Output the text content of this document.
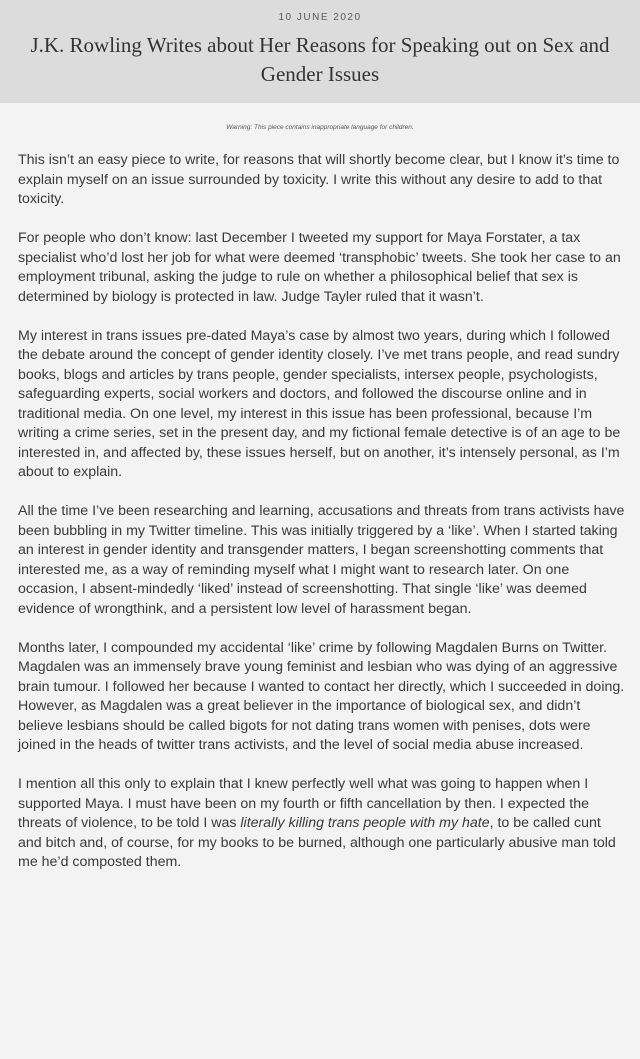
10 JUNE 2020
J.K. Rowling Writes about Her Reasons for Speaking out on Sex and Gender Issues
Warning: This piece contains inappropriate language for children.

This isn’t an easy piece to write, for reasons that will shortly become clear, but I know it’s time to explain myself on an issue surrounded by toxicity. I write this without any desire to add to that toxicity.

For people who don’t know: last December I tweeted my support for Maya Forstater, a tax specialist who’d lost her job for what were deemed ‘transphobic’ tweets. She took her case to an employment tribunal, asking the judge to rule on whether a philosophical belief that sex is determined by biology is protected in law. Judge Tayler ruled that it wasn’t.

My interest in trans issues pre-dated Maya’s case by almost two years, during which I followed the debate around the concept of gender identity closely. I’ve met trans people, and read sundry books, blogs and articles by trans people, gender specialists, intersex people, psychologists, safeguarding experts, social workers and doctors, and followed the discourse online and in traditional media. On one level, my interest in this issue has been professional, because I’m writing a crime series, set in the present day, and my fictional female detective is of an age to be interested in, and affected by, these issues herself, but on another, it’s intensely personal, as I’m about to explain.

All the time I’ve been researching and learning, accusations and threats from trans activists have been bubbling in my Twitter timeline. This was initially triggered by a ‘like’. When I started taking an interest in gender identity and transgender matters, I began screenshotting comments that interested me, as a way of reminding myself what I might want to research later. On one occasion, I absent-mindedly ‘liked’ instead of screenshotting. That single ‘like’ was deemed evidence of wrongthink, and a persistent low level of harassment began.

Months later, I compounded my accidental ‘like’ crime by following Magdalen Burns on Twitter. Magdalen was an immensely brave young feminist and lesbian who was dying of an aggressive brain tumour. I followed her because I wanted to contact her directly, which I succeeded in doing. However, as Magdalen was a great believer in the importance of biological sex, and didn’t believe lesbians should be called bigots for not dating trans women with penises, dots were joined in the heads of twitter trans activists, and the level of social media abuse increased.

I mention all this only to explain that I knew perfectly well what was going to happen when I supported Maya. I must have been on my fourth or fifth cancellation by then. I expected the threats of violence, to be told I was literally killing trans people with my hate, to be called cunt and bitch and, of course, for my books to be burned, although one particularly abusive man told me he’d composted them.
